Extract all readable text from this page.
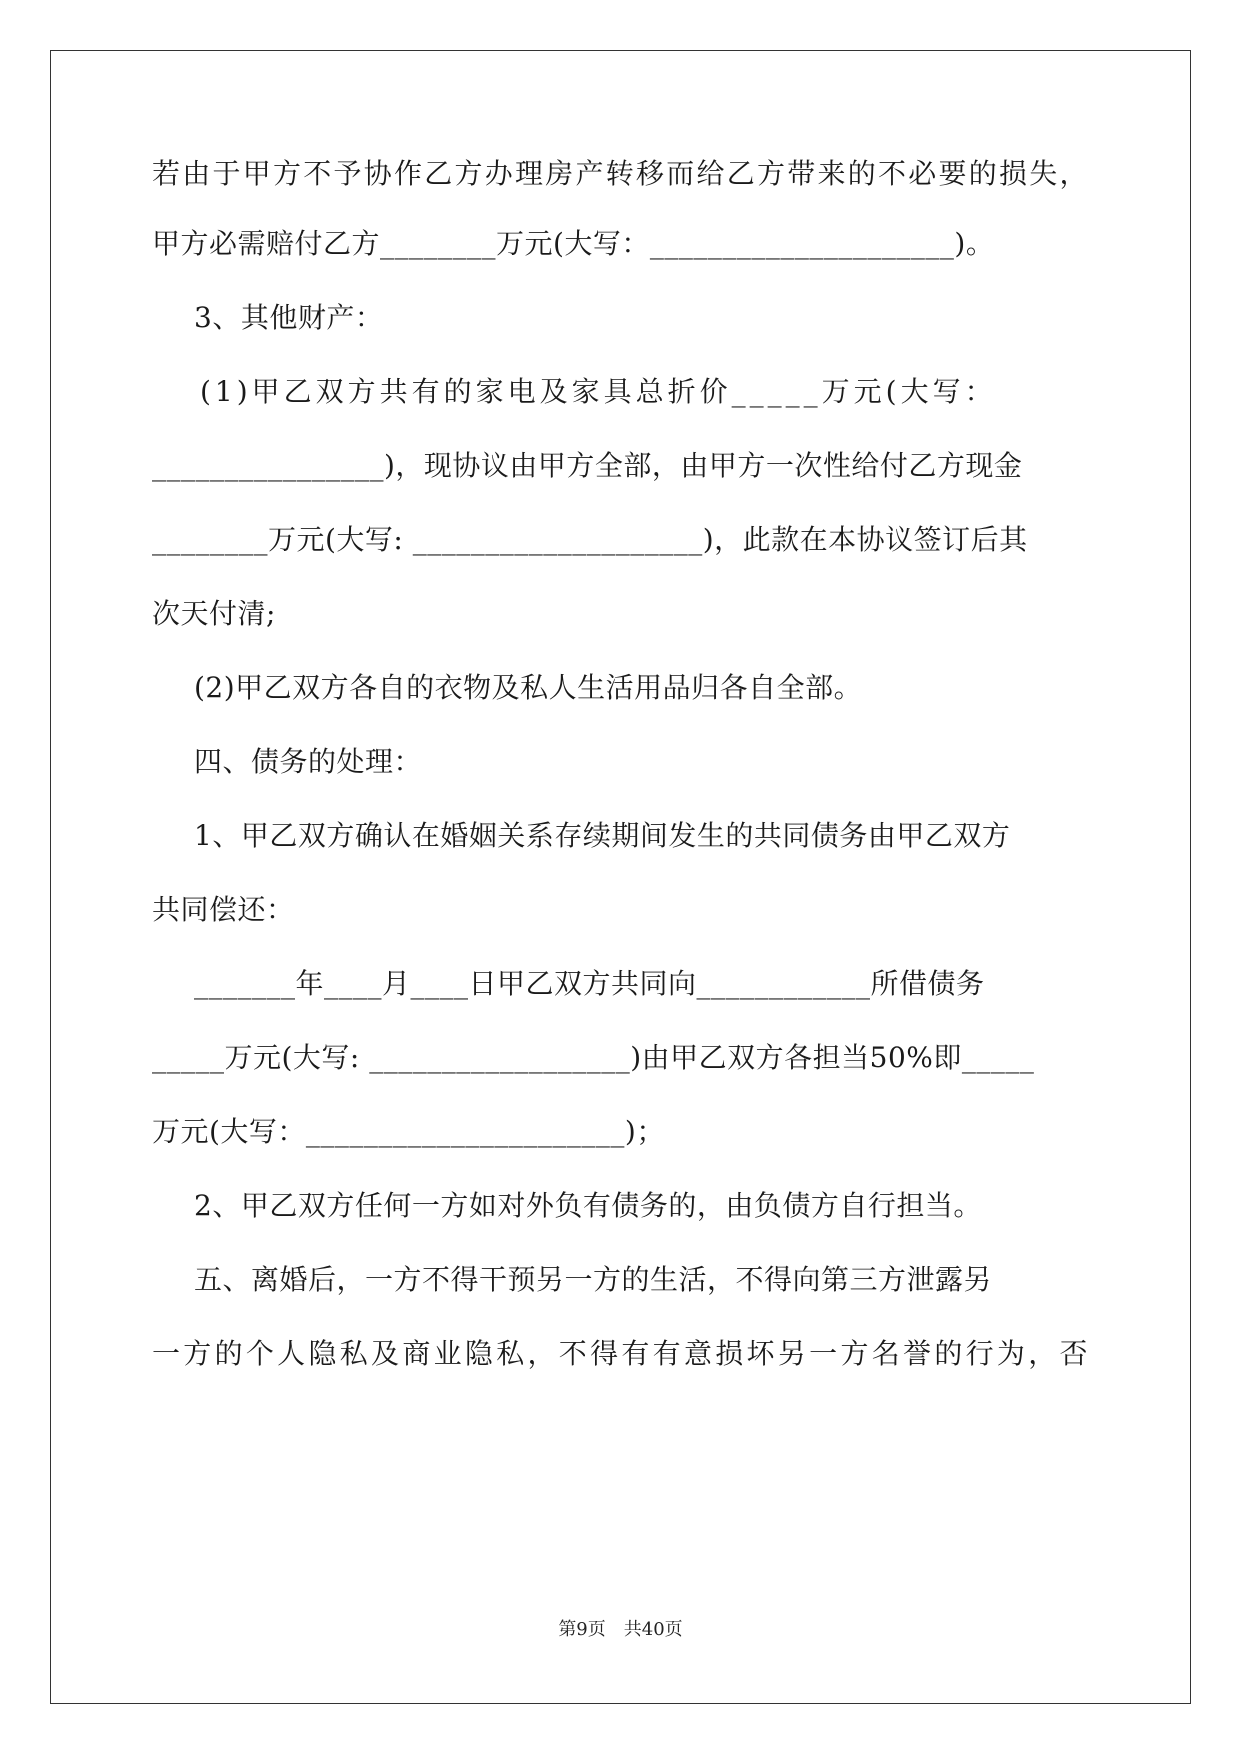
若由于甲方不予协作乙方办理房产转移而给乙方带来的不必要的损失，
甲方必需赔付乙方________万元(大写：_____________________)。
3、其他财产：
(1)甲乙双方共有的家电及家具总折价_____万元(大写：
________________)，现协议由甲方全部，由甲方一次性给付乙方现金
________万元(大写: ____________________)，此款在本协议签订后其
次天付清;
(2)甲乙双方各自的衣物及私人生活用品归各自全部。
四、债务的处理：
1、甲乙双方确认在婚姻关系存续期间发生的共同债务由甲乙双方
共同偿还：
_______年____月____日甲乙双方共同向____________所借债务
_____万元(大写: __________________)由甲乙双方各担当50%即_____
万元(大写：______________________)；
2、甲乙双方任何一方如对外负有债务的，由负债方自行担当。
五、离婚后，一方不得干预另一方的生活，不得向第三方泄露另
一方的个人隐私及商业隐私，不得有有意损坏另一方名誉的行为，否
第9页　共40页
